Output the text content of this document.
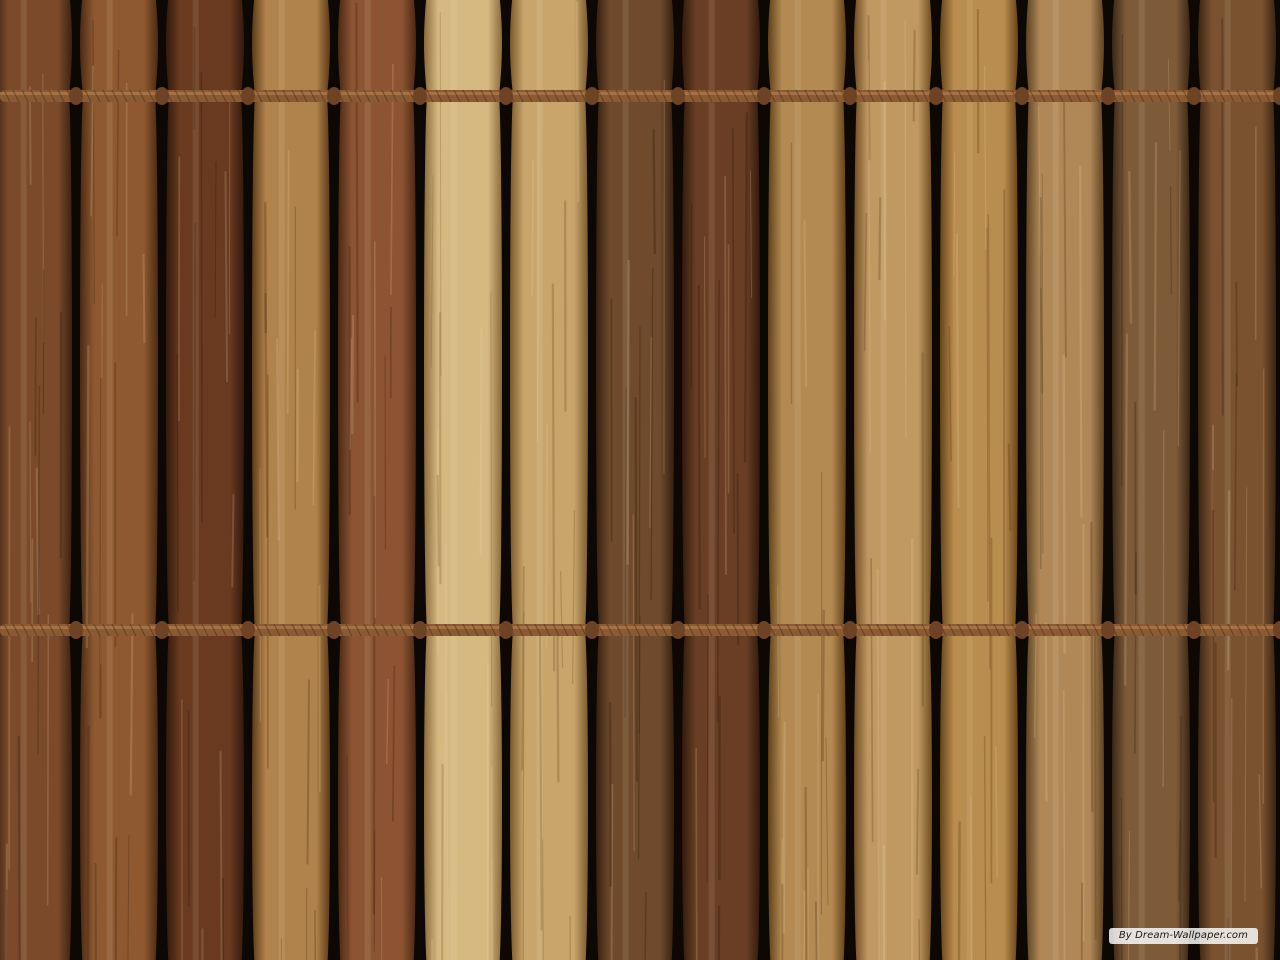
By Dream-Wallpaper.com
